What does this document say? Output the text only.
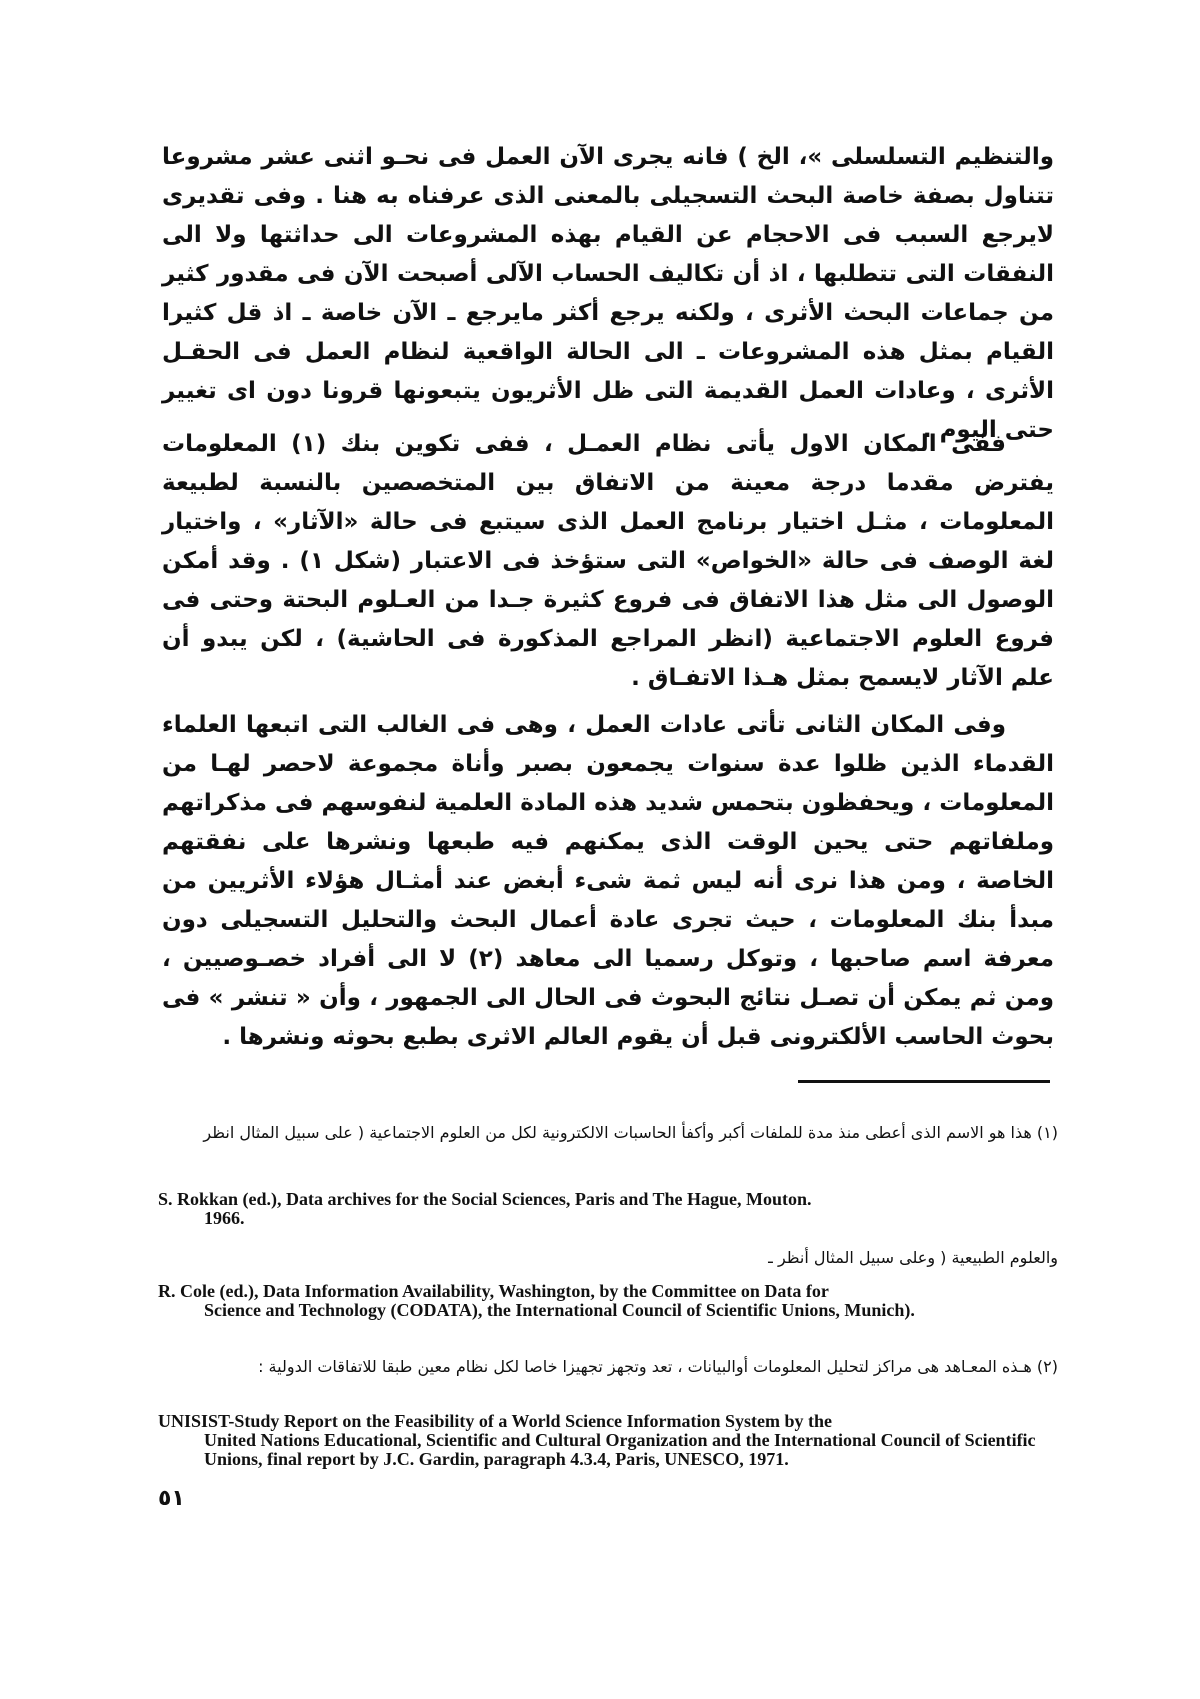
والتنظيم التسلسلى »، الخ ) فانه يجرى الآن العمل فى نحـو اثنى عشر مشروعا تتناول بصفة خاصة البحث التسجيلى بالمعنى الذى عرفناه به هنا . وفى تقديرى لايرجع السبب فى الاحجام عن القيام بهذه المشروعات الى حداثتها ولا الى النفقات التى تتطلبها ، اذ أن تكاليف الحساب الآلى أصبحت الآن فى مقدور كثير من جماعات البحث الأثرى ، ولكنه يرجع أكثر مايرجع ـ الآن خاصة ـ اذ قل كثيرا القيام بمثل هذه المشروعات ـ الى الحالة الواقعية لنظام العمل فى الحقـل الأثرى ، وعادات العمل القديمة التى ظل الأثريون يتبعونها قرونا دون اى تغيير حتى اليوم .

ففى المكان الاول يأتى نظام العمـل ، ففى تكوين بنك (١) المعلومات يفترض مقدما درجة معينة من الاتفاق بين المتخصصين بالنسبة لطبيعة المعلومات ، مثـل اختيار برنامج العمل الذى سيتبع فى حالة «الآثار» ، واختيار لغة الوصف فى حالة «الخواص» التى ستؤخذ فى الاعتبار (شكل ١) . وقد أمكن الوصول الى مثل هذا الاتفاق فى فروع كثيرة جـدا من العـلوم البحتة وحتى فى فروع العلوم الاجتماعية (انظر المراجع المذكورة فى الحاشية) ، لكن يبدو أن علم الآثار لايسمح بمثل هـذا الاتفـاق .

وفى المكان الثانى تأتى عادات العمل ، وهى فى الغالب التى اتبعها العلماء القدماء الذين ظلوا عدة سنوات يجمعون بصبر وأناة مجموعة لاحصر لهـا من المعلومات ، ويحفظون بتحمس شديد هذه المادة العلمية لنفوسهم فى مذكراتهم وملفاتهم حتى يحين الوقت الذى يمكنهم فيه طبعها ونشرها على نفقتهم الخاصة ، ومن هذا نرى أنه ليس ثمة شىء أبغض عند أمثـال هؤلاء الأثريين من مبدأ بنك المعلومات ، حيث تجرى عادة أعمال البحث والتحليل التسجيلى دون معرفة اسم صاحبها ، وتوكل رسميا الى معاهد (٢) لا الى أفراد خصـوصيين ، ومن ثم يمكن أن تصـل نتائج البحوث فى الحال الى الجمهور ، وأن « تنشر » فى بحوث الحاسب الألكترونى قبل أن يقوم العالم الاثرى بطبع بحوثه ونشرها .

(١) هذا هو الاسم الذى أعطى منذ مدة للملفات أكبر وأكفأ الحاسبات الالكترونية لكل من العلوم الاجتماعية ( على سبيل المثال انظر

S. Rokkan (ed.), Data archives for the Social Sciences, Paris and The Hague, Mouton.
1966.

والعلوم الطبيعية ( وعلى سبيل المثال أنظر ـ

R. Cole (ed.), Data Information Availability, Washington, by the Committee on Data for
Science and Technology (CODATA), the International Council of Scientific Unions, Munich).

(٢) هـذه المعـاهد هى مراكز لتحليل المعلومات أوالبيانات ، تعد وتجهز تجهيزا خاصا لكل نظام معين طبقا للاتفاقات الدولية :

UNISIST-Study Report on the Feasibility of a World Science Information System by the
United Nations Educational, Scientific and Cultural Organization and the International Council of Scientific Unions, final report by J.C. Gardin, paragraph 4.3.4, Paris, UNESCO, 1971.

٥١
